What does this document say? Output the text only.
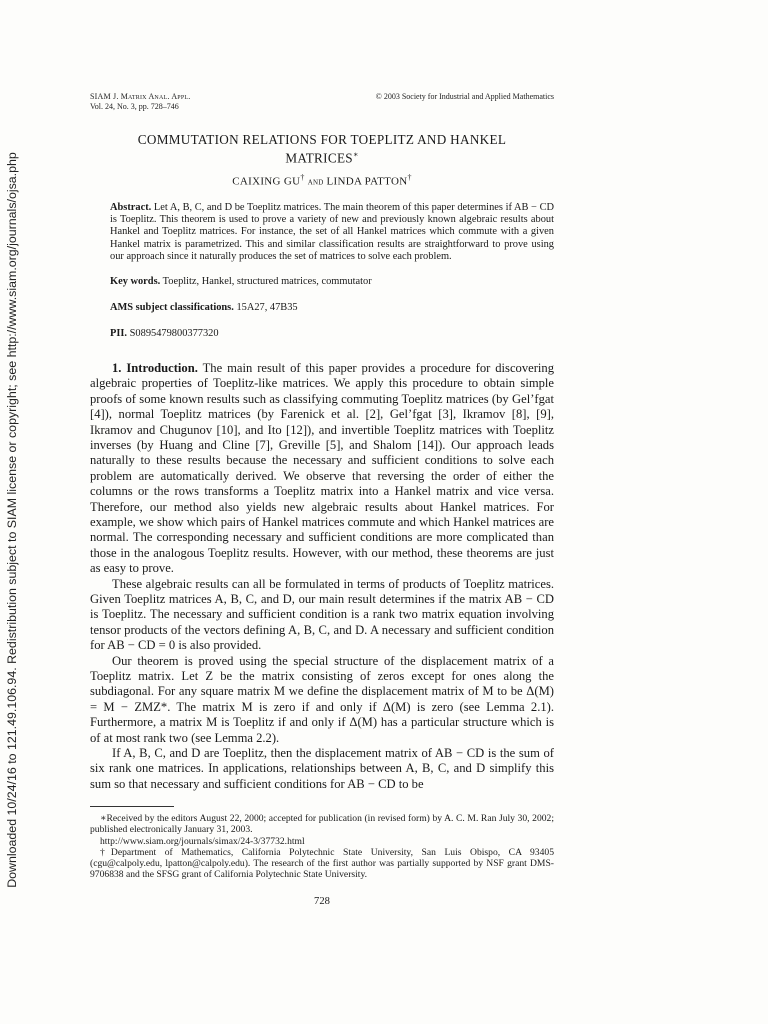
Downloaded 10/24/16 to 121.49.106.94. Redistribution subject to SIAM license or copyright; see http://www.siam.org/journals/ojsa.php
SIAM J. Matrix Anal. Appl.
Vol. 24, No. 3, pp. 728–746
© 2003 Society for Industrial and Applied Mathematics
COMMUTATION RELATIONS FOR TOEPLITZ AND HANKEL
MATRICES∗
CAIXING GU† and LINDA PATTON†
Abstract. Let A, B, C, and D be Toeplitz matrices. The main theorem of this paper determines if AB − CD is Toeplitz. This theorem is used to prove a variety of new and previously known algebraic results about Hankel and Toeplitz matrices. For instance, the set of all Hankel matrices which commute with a given Hankel matrix is parametrized. This and similar classification results are straightforward to prove using our approach since it naturally produces the set of matrices to solve each problem.

Key words. Toeplitz, Hankel, structured matrices, commutator

AMS subject classifications. 15A27, 47B35

PII. S0895479800377320

1. Introduction. The main result of this paper provides a procedure for discovering algebraic properties of Toeplitz-like matrices. We apply this procedure to obtain simple proofs of some known results such as classifying commuting Toeplitz matrices (by Gel’fgat [4]), normal Toeplitz matrices (by Farenick et al. [2], Gel’fgat [3], Ikramov [8], [9], Ikramov and Chugunov [10], and Ito [12]), and invertible Toeplitz matrices with Toeplitz inverses (by Huang and Cline [7], Greville [5], and Shalom [14]). Our approach leads naturally to these results because the necessary and sufficient conditions to solve each problem are automatically derived. We observe that reversing the order of either the columns or the rows transforms a Toeplitz matrix into a Hankel matrix and vice versa. Therefore, our method also yields new algebraic results about Hankel matrices. For example, we show which pairs of Hankel matrices commute and which Hankel matrices are normal. The corresponding necessary and sufficient conditions are more complicated than those in the analogous Toeplitz results. However, with our method, these theorems are just as easy to prove.

These algebraic results can all be formulated in terms of products of Toeplitz matrices. Given Toeplitz matrices A, B, C, and D, our main result determines if the matrix AB − CD is Toeplitz. The necessary and sufficient condition is a rank two matrix equation involving tensor products of the vectors defining A, B, C, and D. A necessary and sufficient condition for AB − CD = 0 is also provided.

Our theorem is proved using the special structure of the displacement matrix of a Toeplitz matrix. Let Z be the matrix consisting of zeros except for ones along the subdiagonal. For any square matrix M we define the displacement matrix of M to be Δ(M) = M − ZMZ*. The matrix M is zero if and only if Δ(M) is zero (see Lemma 2.1). Furthermore, a matrix M is Toeplitz if and only if Δ(M) has a particular structure which is of at most rank two (see Lemma 2.2).

If A, B, C, and D are Toeplitz, then the displacement matrix of AB − CD is the sum of six rank one matrices. In applications, relationships between A, B, C, and D simplify this sum so that necessary and sufficient conditions for AB − CD to be

∗Received by the editors August 22, 2000; accepted for publication (in revised form) by A. C. M. Ran July 30, 2002; published electronically January 31, 2003.

http://www.siam.org/journals/simax/24-3/37732.html

†Department of Mathematics, California Polytechnic State University, San Luis Obispo, CA 93405 (cgu@calpoly.edu, lpatton@calpoly.edu). The research of the first author was partially supported by NSF grant DMS-9706838 and the SFSG grant of California Polytechnic State University.

728
